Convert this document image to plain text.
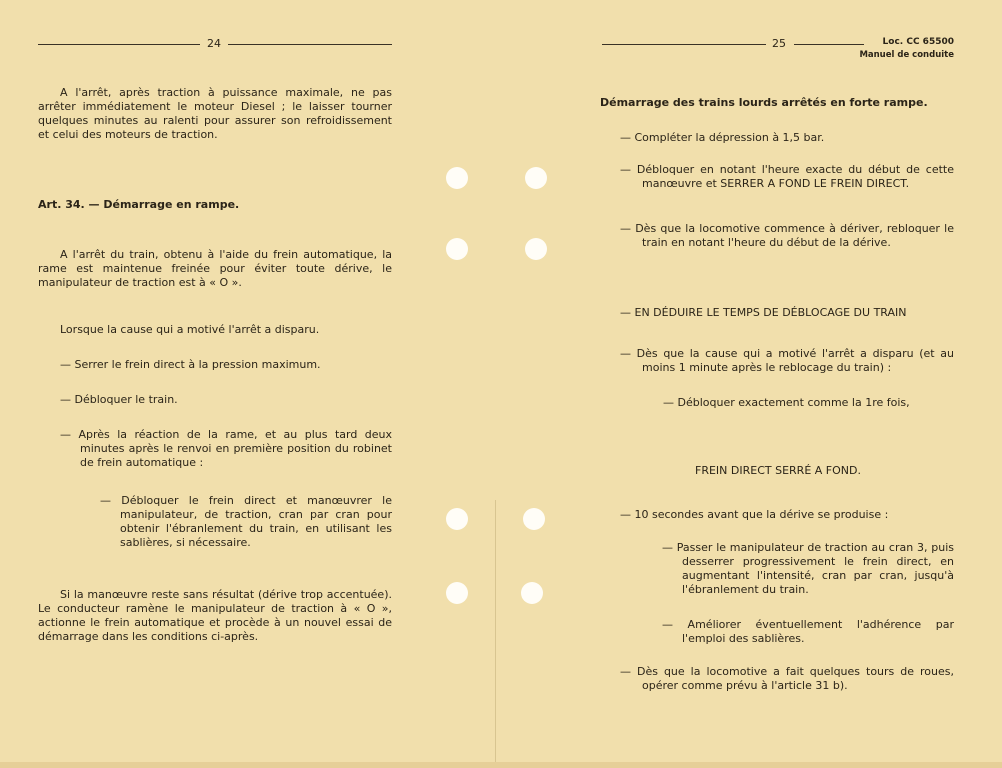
24
A l'arrêt, après traction à puissance maximale, ne pas arrêter immédiatement le moteur Diesel ; le laisser tourner quelques minutes au ralenti pour assurer son refroidissement et celui des moteurs de traction.
Art. 34. — Démarrage en rampe.
A l'arrêt du train, obtenu à l'aide du frein automatique, la rame est maintenue freinée pour éviter toute dérive, le manipulateur de traction est à « O ».
Lorsque la cause qui a motivé l'arrêt a disparu.
— Serrer le frein direct à la pression maximum.
— Débloquer le train.
— Après la réaction de la rame, et au plus tard deux minutes après le renvoi en première position du robinet de frein automatique :
— Débloquer le frein direct et manœuvrer le manipulateur, de traction, cran par cran pour obtenir l'ébranlement du train, en utilisant les sablières, si nécessaire.
Si la manœuvre reste sans résultat (dérive trop accentuée). Le conducteur ramène le manipulateur de traction à « O », actionne le frein automatique et procède à un nouvel essai de démarrage dans les conditions ci-après.
25	Loc. CC 65500
Manuel de conduite
Démarrage des trains lourds arrêtés en forte rampe.
— Compléter la dépression à 1,5 bar.
— Débloquer en notant l'heure exacte du début de cette manœuvre et SERRER A FOND LE FREIN DIRECT.
— Dès que la locomotive commence à dériver, rebloquer le train en notant l'heure du début de la dérive.
— EN DÉDUIRE LE TEMPS DE DÉBLOCAGE DU TRAIN
— Dès que la cause qui a motivé l'arrêt a disparu (et au moins 1 minute après le reblocage du train) :
— Débloquer exactement comme la 1re fois,
FREIN DIRECT SERRÉ A FOND.
— 10 secondes avant que la dérive se produise :
— Passer le manipulateur de traction au cran 3, puis desserrer progressivement le frein direct, en augmentant l'intensité, cran par cran, jusqu'à l'ébranlement du train.
— Améliorer éventuellement l'adhérence par l'emploi des sablières.
— Dès que la locomotive a fait quelques tours de roues, opérer comme prévu à l'article 31 b).
